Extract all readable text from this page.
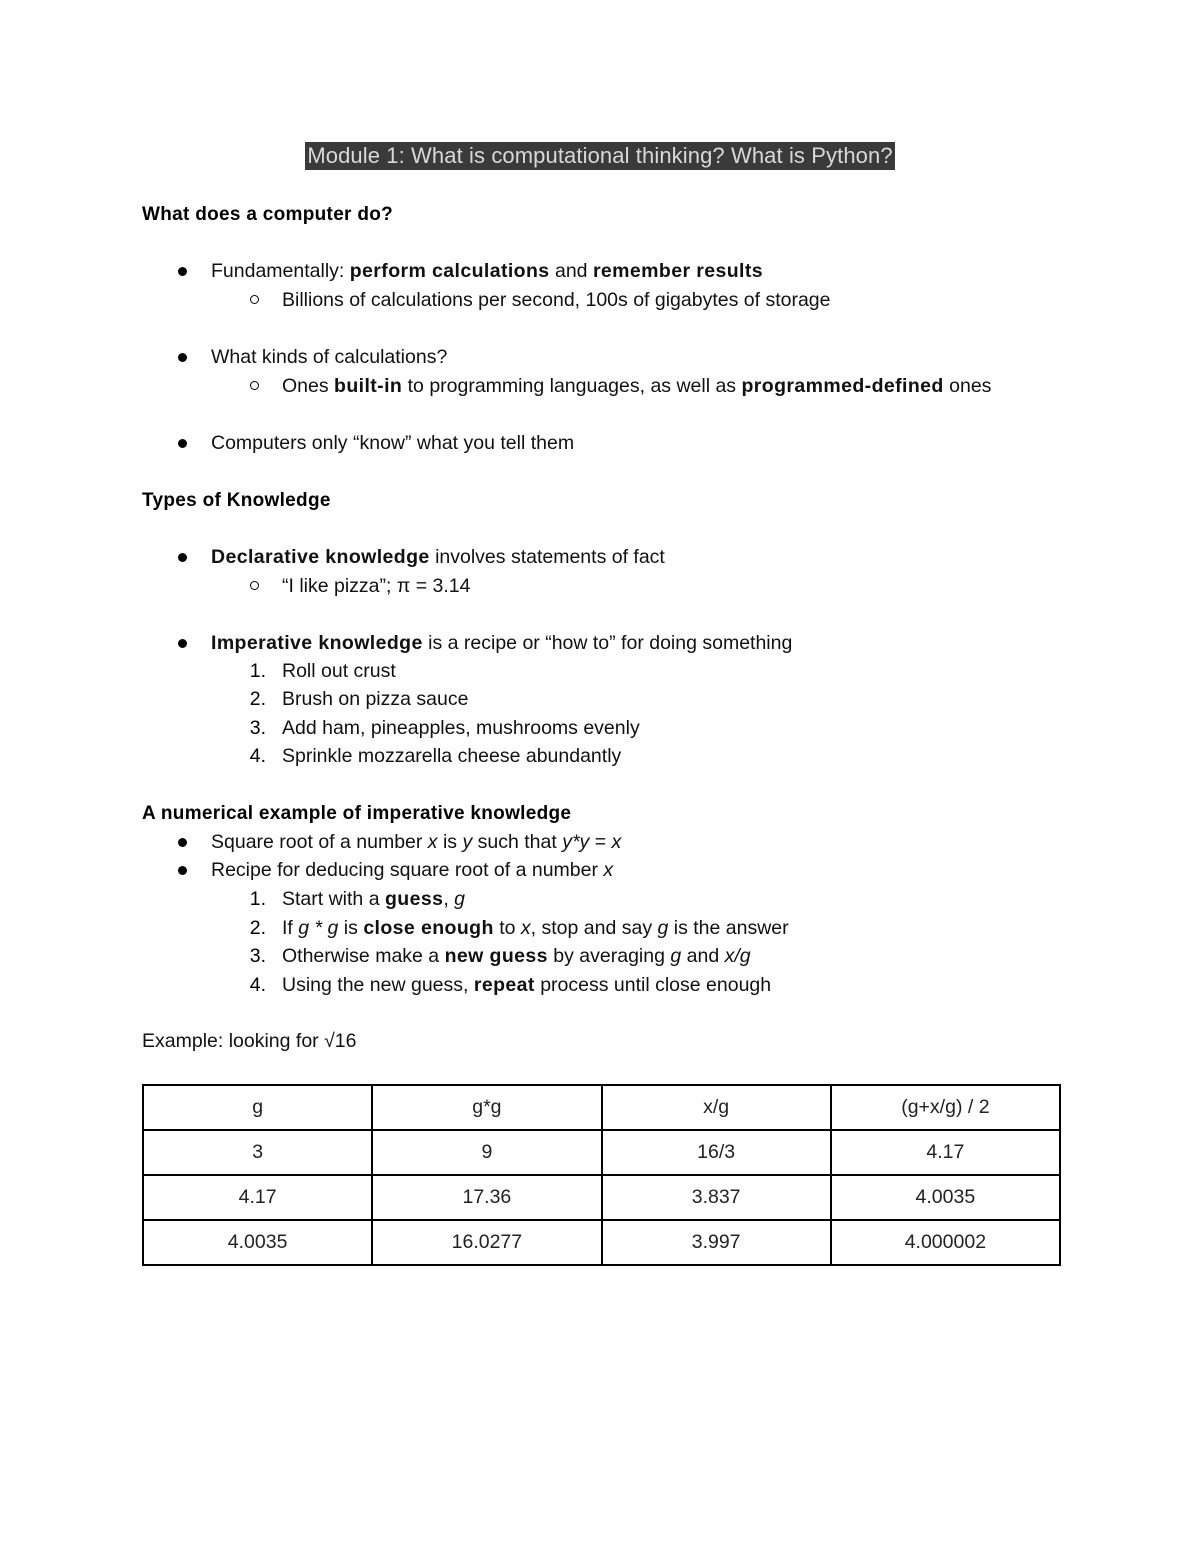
Module 1: What is computational thinking? What is Python?
What does a computer do?
Fundamentally: perform calculations and remember results
Billions of calculations per second, 100s of gigabytes of storage
What kinds of calculations?
Ones built-in to programming languages, as well as programmed-defined ones
Computers only “know” what you tell them
Types of Knowledge
Declarative knowledge involves statements of fact
“I like pizza”; π = 3.14
Imperative knowledge is a recipe or “how to” for doing something
1. Roll out crust
2. Brush on pizza sauce
3. Add ham, pineapples, mushrooms evenly
4. Sprinkle mozzarella cheese abundantly
A numerical example of imperative knowledge
Square root of a number x is y such that y*y = x
Recipe for deducing square root of a number x
1. Start with a guess, g
2. If g * g is close enough to x, stop and say g is the answer
3. Otherwise make a new guess by averaging g and x/g
4. Using the new guess, repeat process until close enough
Example: looking for √16
g	g*g	x/g	(g+x/g) / 2
3	9	16/3	4.17
4.17	17.36	3.837	4.0035
4.0035	16.0277	3.997	4.000002
